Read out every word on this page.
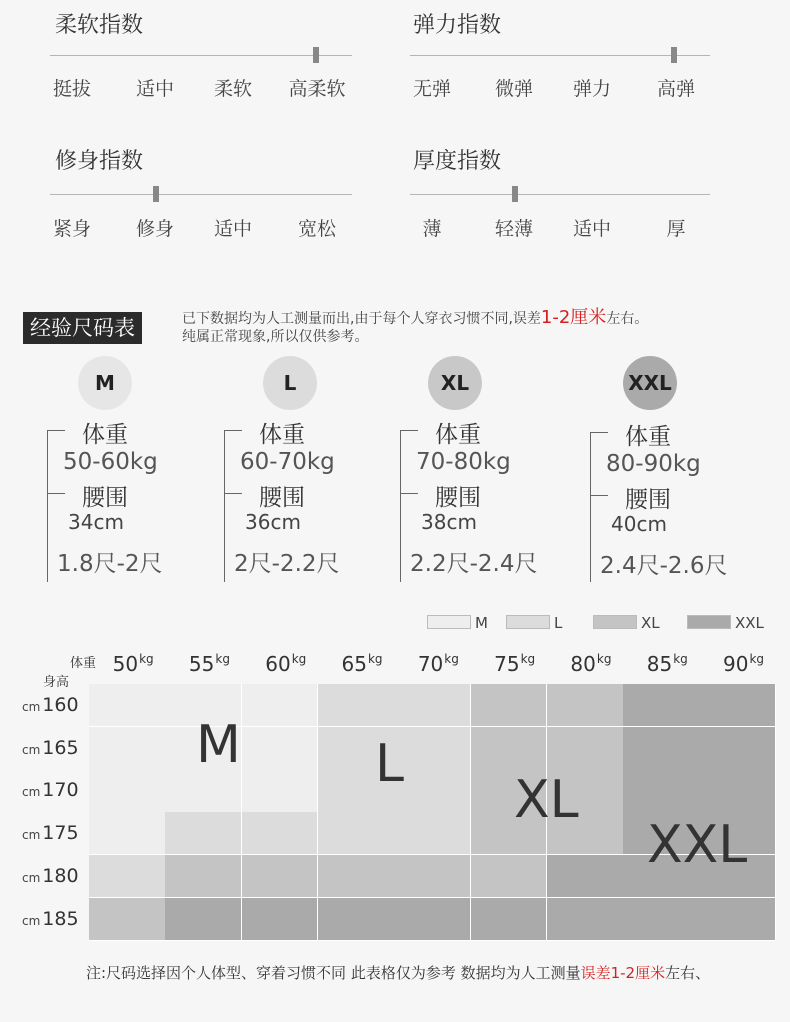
柔软指数
挺拔 适中 柔软 高柔软
弹力指数
无弹 微弹 弹力 高弹
修身指数
紧身 修身 适中 宽松
厚度指数
薄	轻薄 适中	厚
经验尺码表	已下数据均为人工测量而出,由于每个人穿衣习惯不同,误差1-2厘米左右。
纯属正常现象,所以仅供参考。
M
体重
50-60kg
腰围
34cm
1.8尺-2尺
L
体重
60-70kg
腰围
36cm
2尺-2.2尺
XL
体重
70-80kg
腰围
38cm
2.2尺-2.4尺
XXL
体重
80-90kg
腰围
40cm
2.4尺-2.6尺
M	L	XL	XXL
体重
身高
$50^{kg}$ $55^{kg}$ $60^{kg}$ $65^{kg}$ $70^{kg}$ $75^{kg}$ $80^{kg}$ $85^{kg}$ $90^{kg}$
cm 160
cm 165
cm 170
cm 175
cm 180
cm 185
M	L
XL
XXL
注:尺码选择因个人体型、穿着习惯不同 此表格仅为参考 数据均为人工测量误差1-2厘米左右、
